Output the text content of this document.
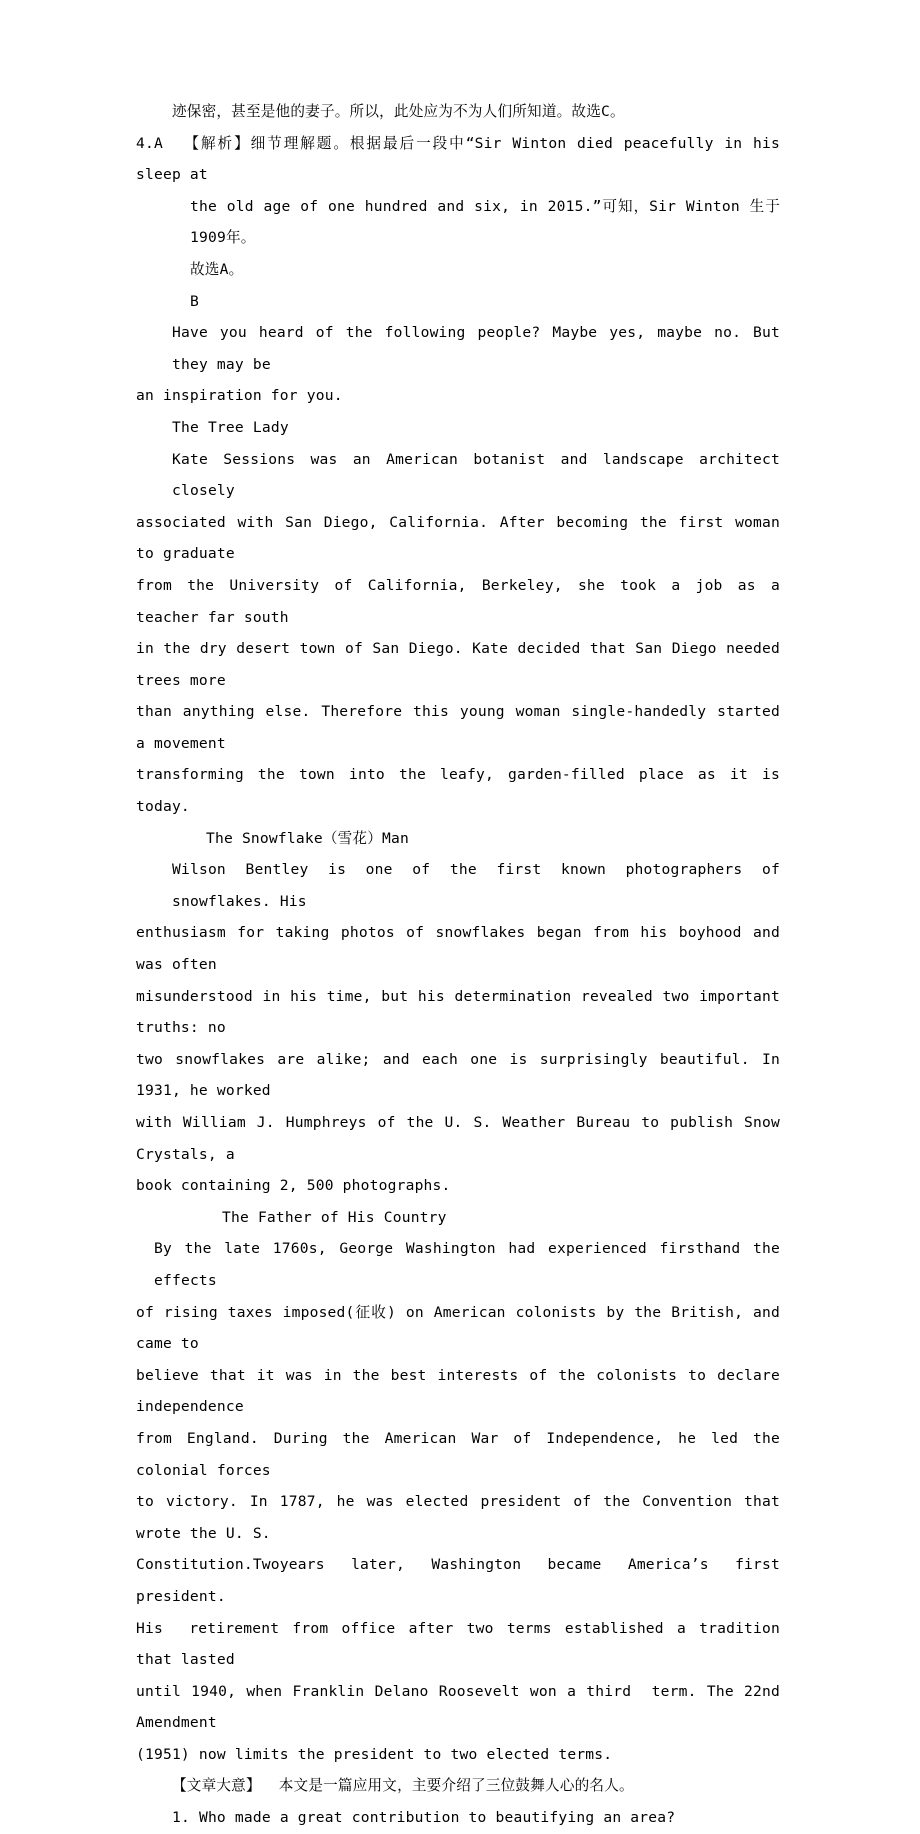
迹保密，甚至是他的妻子。所以，此处应为不为人们所知道。故选C。
4.A  【解析】细节理解题。根据最后一段中“Sir Winton died peacefully in his sleep at
the old age of one hundred and six, in 2015.”可知，Sir Winton 生于1909年。
故选A。
B
Have you heard of the following people? Maybe yes, maybe no. But they may be
an inspiration for you.
The Tree Lady
Kate Sessions was an American botanist and landscape architect closely
associated with San Diego, California. After becoming the first woman to graduate
from the University of California, Berkeley, she took a job as a teacher far south
in the dry desert town of San Diego. Kate decided that San Diego needed trees more
than anything else. Therefore this young woman single-handedly started a movement
transforming the town into the leafy, garden-filled place as it is today.
The Snowflake（雪花）Man
Wilson Bentley is one of the first known photographers of snowflakes. His
enthusiasm for taking photos of snowflakes began from his boyhood and was often
misunderstood in his time, but his determination revealed two important truths: no
two snowflakes are alike; and each one is surprisingly beautiful. In 1931, he worked
with William J. Humphreys of the U. S. Weather Bureau to publish Snow Crystals, a
book containing 2, 500 photographs.
The Father of His Country
By the late 1760s, George Washington had experienced firsthand the effects
of rising taxes imposed(征收) on American colonists by the British, and came to
believe that it was in the best interests of the colonists to declare independence
from England. During the American War of Independence, he led the colonial forces
to victory. In 1787, he was elected president of the Convention that wrote the U. S.
Constitution.Twoyears  later,  Washington  became  America’s  first  president.
His  retirement from office after two terms established a tradition that lasted
until 1940, when Franklin Delano Roosevelt won a third  term. The 22nd Amendment
(1951) now limits the president to two elected terms.
【文章大意】  本文是一篇应用文，主要介绍了三位鼓舞人心的名人。
1. Who made a great contribution to beautifying an area?
